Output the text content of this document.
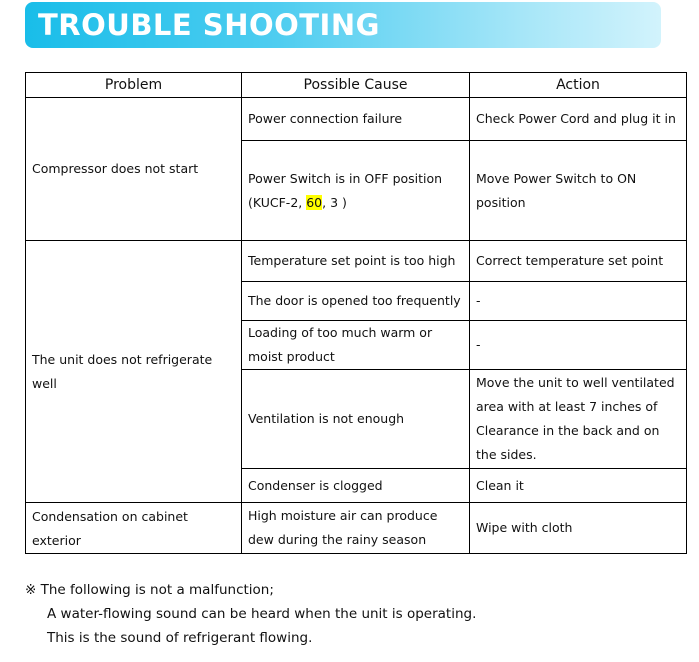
TROUBLE SHOOTING
Problem	Possible Cause	Action
Compressor does not start	Power connection failure	Check Power Cord and plug it in
	Power Switch is in OFF position (KUCF-2, 60, 3 )	Move Power Switch to ON position
The unit does not refrigerate well	Temperature set point is too high	Correct temperature set point
	The door is opened too frequently	-
	Loading of too much warm or moist product	-
	Ventilation is not enough	Move the unit to well ventilated area with at least 7 inches of Clearance in the back and on the sides.
	Condenser is clogged	Clean it
Condensation on cabinet exterior	High moisture air can produce dew during the rainy season	Wipe with cloth
※ The following is not a malfunction;
A water-flowing sound can be heard when the unit is operating.
This is the sound of refrigerant flowing.
